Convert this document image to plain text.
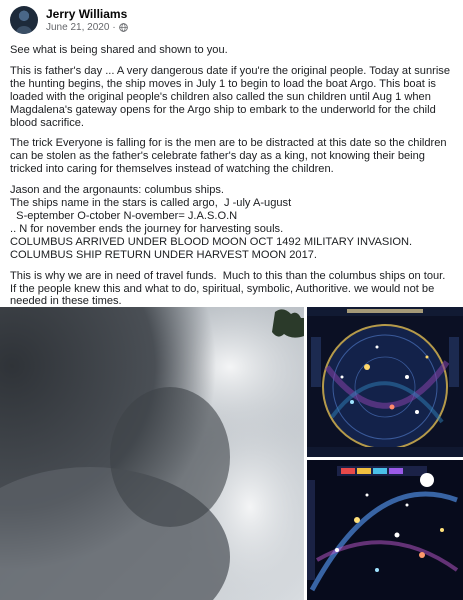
Jerry Williams
June 21, 2020 ·

See what is being shared and shown to you.

This is father's day ... A very dangerous date if you're the original people. Today at sunrise the hunting begins, the ship moves in July 1 to begin to load the boat Argo. This boat is loaded with the original people's children also called the sun children until Aug 1 when Magdalena's gateway opens for the Argo ship to embark to the underworld for the child blood sacrifice.

The trick Everyone is falling for is the men are to be distracted at this date so the children can be stolen as the father's celebrate father's day as a king, not knowing their being tricked into caring for themselves instead of watching the children.

Jason and the argonaunts: columbus ships.
The ships name in the stars is called argo,  J -uly A-ugust
S-eptember O-ctober N-ovember= J.A.S.O.N
.. N for november ends the journey for harvesting souls.
COLUMBUS ARRIVED UNDER BLOOD MOON OCT 1492 MILITARY INVASION.
COLUMBUS SHIP RETURN UNDER HARVEST MOON 2017.

This is why we are in need of travel funds.  Much to this than the columbus ships on tour.  If the people knew this and what to do, spiritual, symbolic, Authoritive. we would not be needed in these times.
